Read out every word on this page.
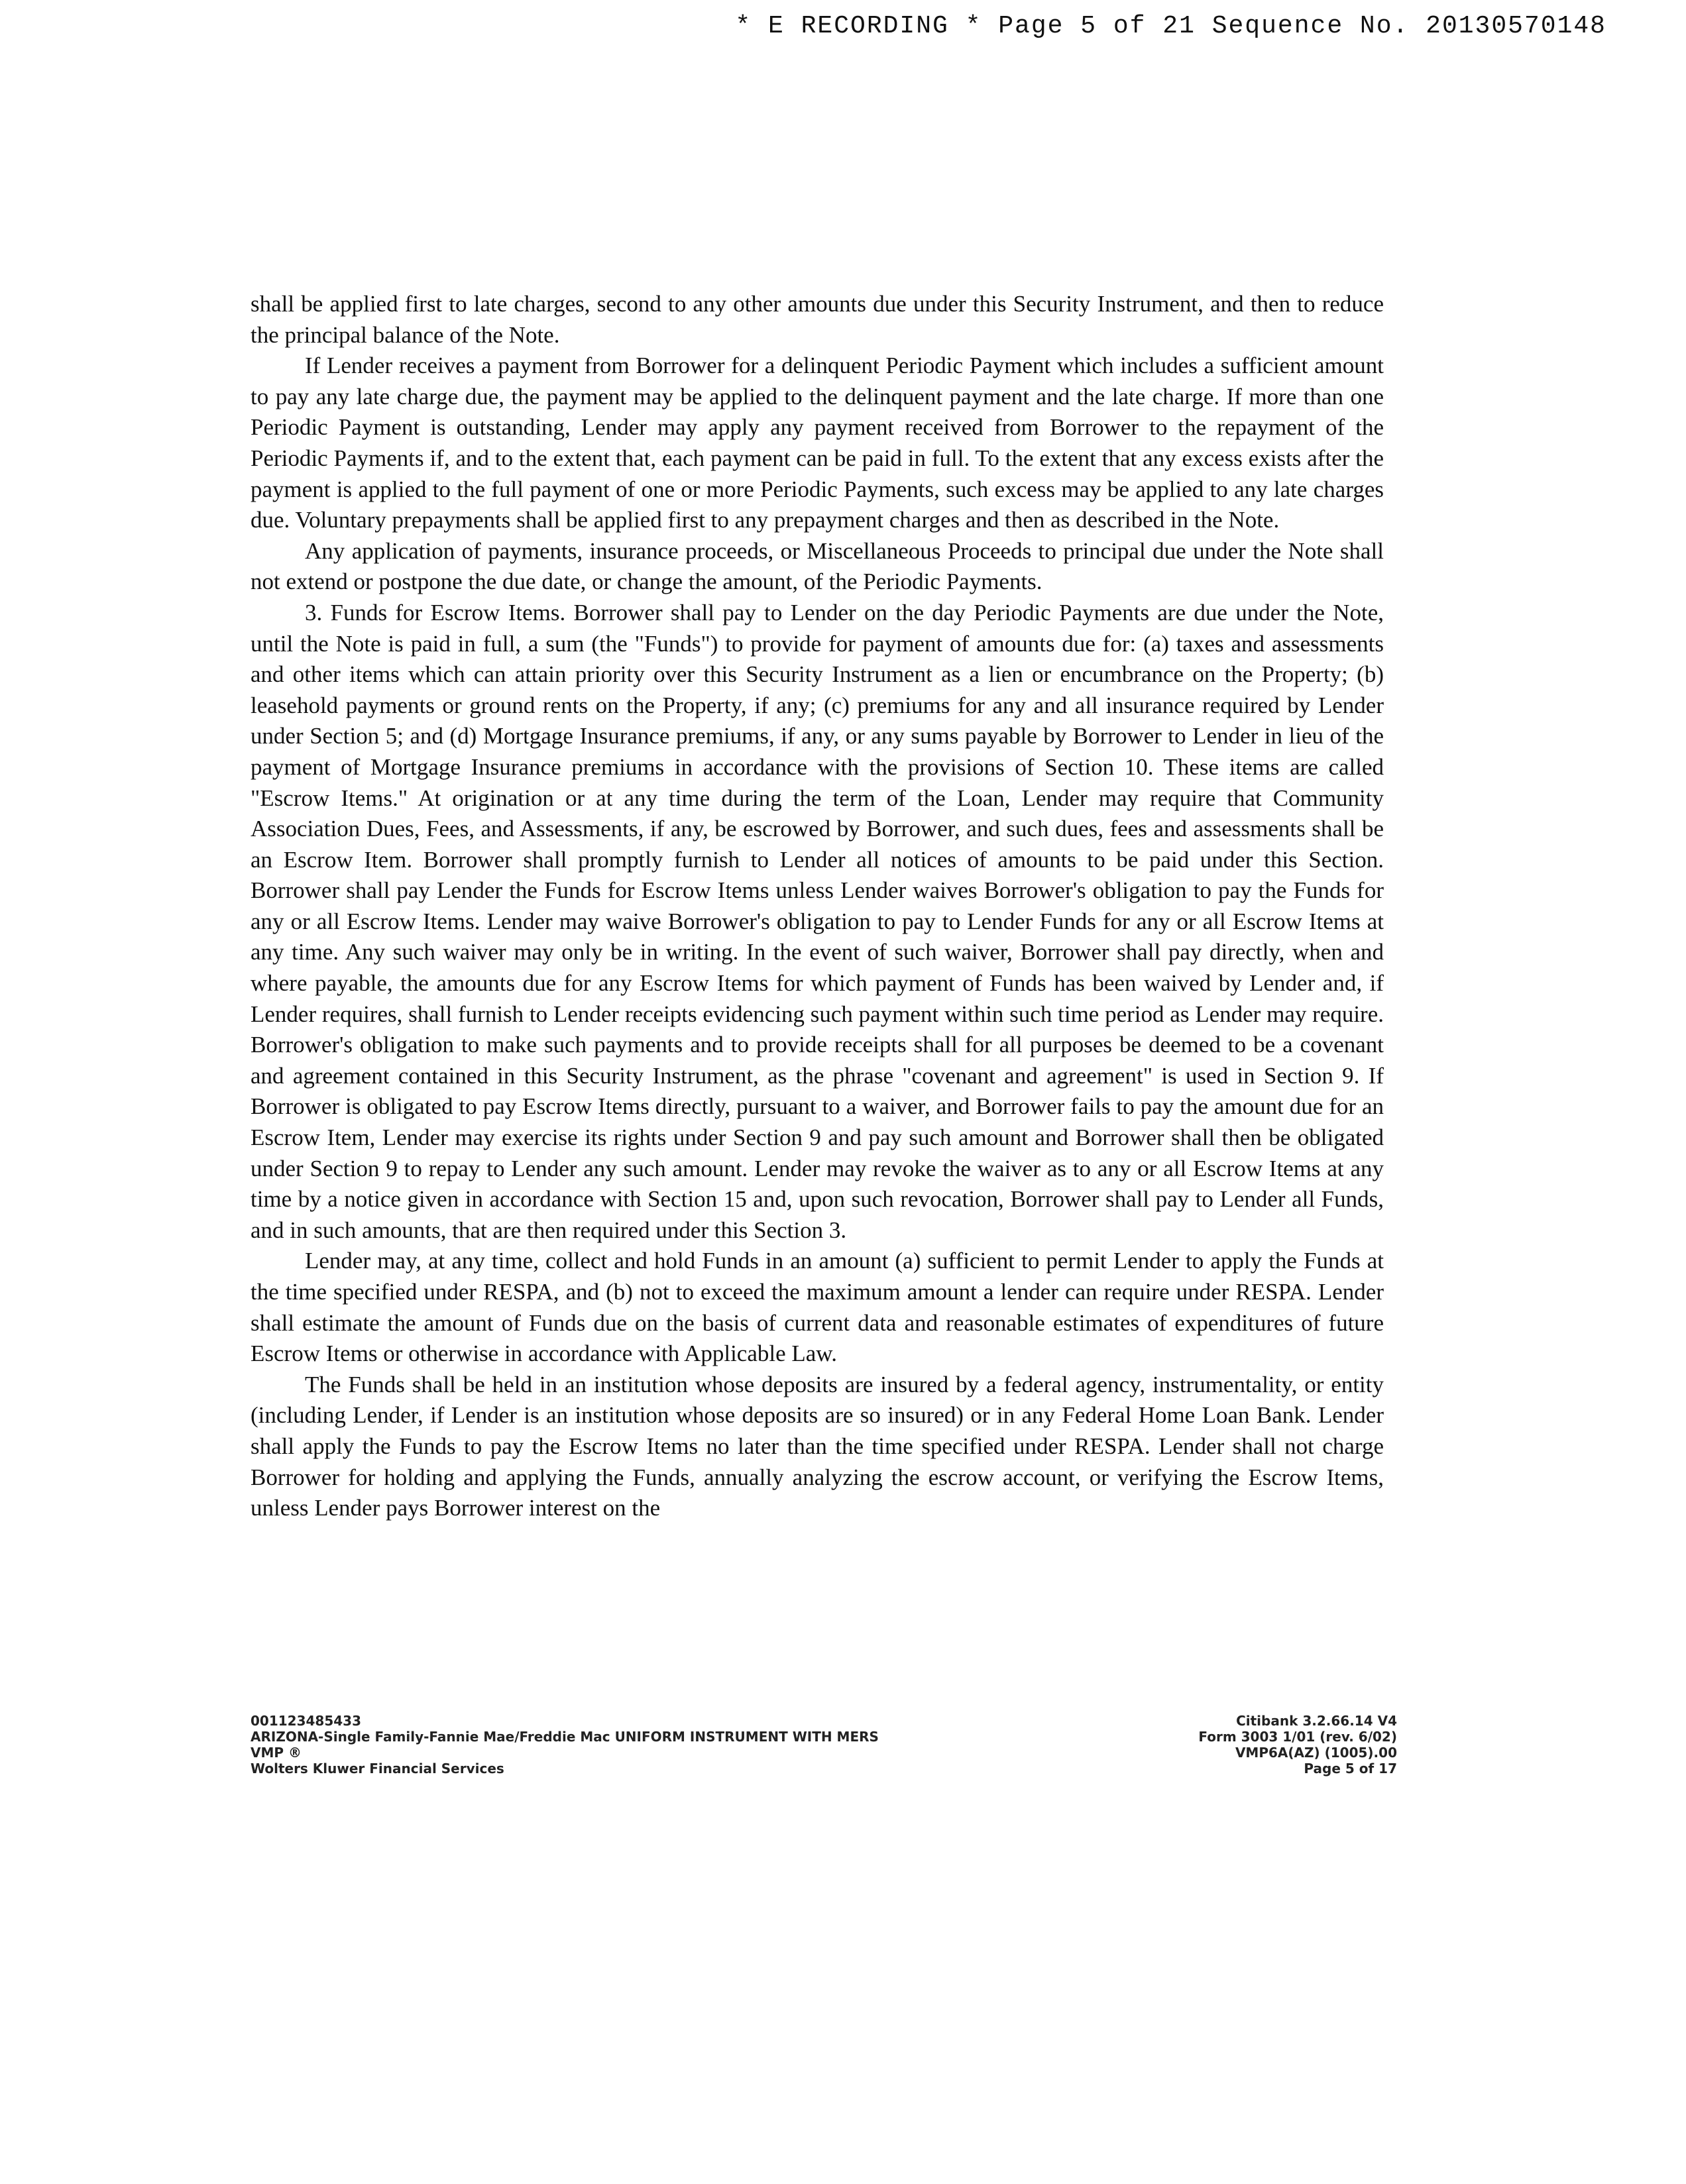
* E RECORDING * Page 5 of 21 Sequence No. 20130570148

shall be applied first to late charges, second to any other amounts due under this Security Instrument, and then to reduce the principal balance of the Note.

If Lender receives a payment from Borrower for a delinquent Periodic Payment which includes a sufficient amount to pay any late charge due, the payment may be applied to the delinquent payment and the late charge. If more than one Periodic Payment is outstanding, Lender may apply any payment received from Borrower to the repayment of the Periodic Payments if, and to the extent that, each payment can be paid in full. To the extent that any excess exists after the payment is applied to the full payment of one or more Periodic Payments, such excess may be applied to any late charges due. Voluntary prepayments shall be applied first to any prepayment charges and then as described in the Note.

Any application of payments, insurance proceeds, or Miscellaneous Proceeds to principal due under the Note shall not extend or postpone the due date, or change the amount, of the Periodic Payments.

3. Funds for Escrow Items. Borrower shall pay to Lender on the day Periodic Payments are due under the Note, until the Note is paid in full, a sum (the "Funds") to provide for payment of amounts due for: (a) taxes and assessments and other items which can attain priority over this Security Instrument as a lien or encumbrance on the Property; (b) leasehold payments or ground rents on the Property, if any; (c) premiums for any and all insurance required by Lender under Section 5; and (d) Mortgage Insurance premiums, if any, or any sums payable by Borrower to Lender in lieu of the payment of Mortgage Insurance premiums in accordance with the provisions of Section 10. These items are called "Escrow Items." At origination or at any time during the term of the Loan, Lender may require that Community Association Dues, Fees, and Assessments, if any, be escrowed by Borrower, and such dues, fees and assessments shall be an Escrow Item. Borrower shall promptly furnish to Lender all notices of amounts to be paid under this Section. Borrower shall pay Lender the Funds for Escrow Items unless Lender waives Borrower's obligation to pay the Funds for any or all Escrow Items. Lender may waive Borrower's obligation to pay to Lender Funds for any or all Escrow Items at any time. Any such waiver may only be in writing. In the event of such waiver, Borrower shall pay directly, when and where payable, the amounts due for any Escrow Items for which payment of Funds has been waived by Lender and, if Lender requires, shall furnish to Lender receipts evidencing such payment within such time period as Lender may require. Borrower's obligation to make such payments and to provide receipts shall for all purposes be deemed to be a covenant and agreement contained in this Security Instrument, as the phrase "covenant and agreement" is used in Section 9. If Borrower is obligated to pay Escrow Items directly, pursuant to a waiver, and Borrower fails to pay the amount due for an Escrow Item, Lender may exercise its rights under Section 9 and pay such amount and Borrower shall then be obligated under Section 9 to repay to Lender any such amount. Lender may revoke the waiver as to any or all Escrow Items at any time by a notice given in accordance with Section 15 and, upon such revocation, Borrower shall pay to Lender all Funds, and in such amounts, that are then required under this Section 3.

Lender may, at any time, collect and hold Funds in an amount (a) sufficient to permit Lender to apply the Funds at the time specified under RESPA, and (b) not to exceed the maximum amount a lender can require under RESPA. Lender shall estimate the amount of Funds due on the basis of current data and reasonable estimates of expenditures of future Escrow Items or otherwise in accordance with Applicable Law.

The Funds shall be held in an institution whose deposits are insured by a federal agency, instrumentality, or entity (including Lender, if Lender is an institution whose deposits are so insured) or in any Federal Home Loan Bank. Lender shall apply the Funds to pay the Escrow Items no later than the time specified under RESPA. Lender shall not charge Borrower for holding and applying the Funds, annually analyzing the escrow account, or verifying the Escrow Items, unless Lender pays Borrower interest on the

001123485433
ARIZONA-Single Family-Fannie Mae/Freddie Mac UNIFORM INSTRUMENT WITH MERS
VMP ®
Wolters Kluwer Financial Services
Citibank 3.2.66.14 V4
Form 3003 1/01 (rev. 6/02)
VMP6A(AZ) (1005).00
Page 5 of 17
